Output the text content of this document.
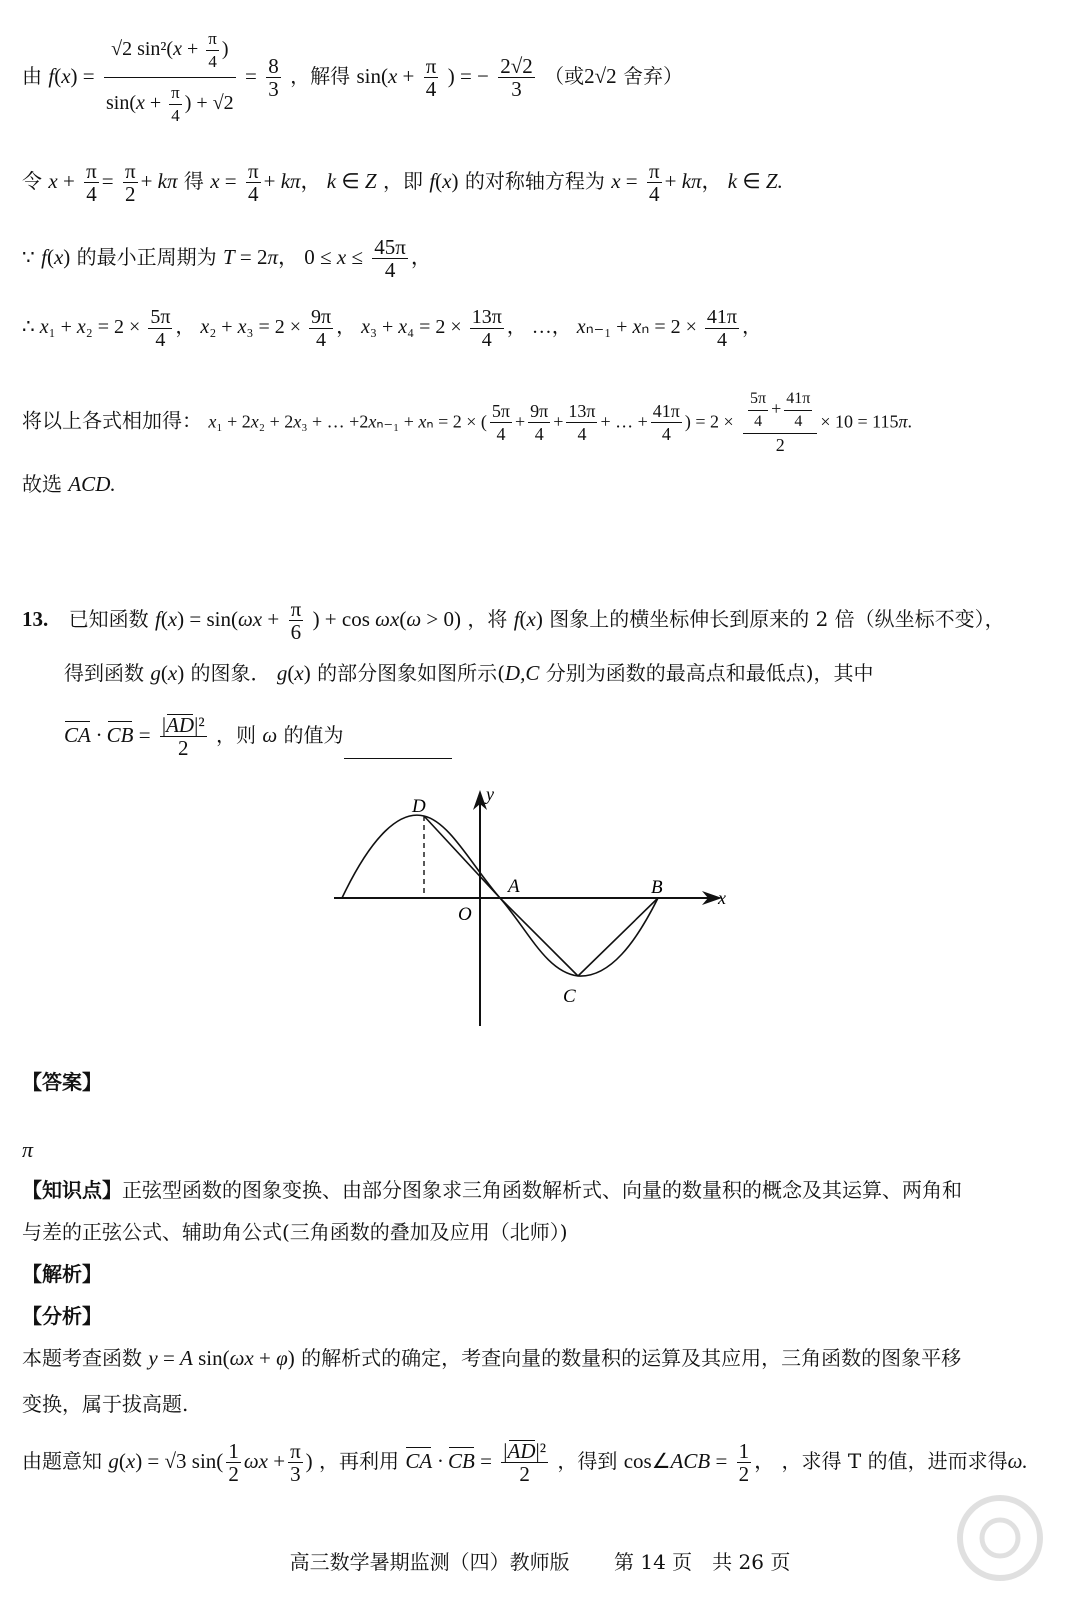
由 $f(x) = \frac{√2 \sin^2(x + \frac{\pi}{4} )}{\sin(x + \frac{\pi}{4} ) + √2} = \frac{8}{3}$ ，解得 $\sin(x + \frac{\pi}{4}$ ) = − $\frac{2√2}{3}$ （或2√2 舍弃）
令 $x + \frac{\pi}{4} = \frac{\pi}{2} + k\pi$ 得 $x = \frac{\pi}{4} + k\pi$， k ∈ Z ，即 f(x) 的对称轴方程为 $x = \frac{\pi}{4} + k\pi$， k ∈ Z.
∵ f(x) 的最小正周期为 T = 2π， $0 \le x \le \frac{45\pi}{4}$ ，
∴ $x_1 + x_2 = 2 \times \frac{5\pi}{4}$ ， $x_2 + x_3 = 2 \times \frac{9\pi}{4}$ ， $x_3 + x_4 = 2 \times \frac{13\pi}{4}$ ， …， $x_{n-1} + x_n = 2 \times \frac{41\pi}{4}$ ，
将以上各式相加得： x₁ + 2x₂ + 2x₃ + … +2xₙ₋₁ + xₙ = 2 × ( $\frac{5\pi}{4} + \frac{9\pi}{4} + \frac{13\pi}{4}$ + … + $\frac{41\pi}{4}$ ) = $2 \times \frac{\frac{5\pi}{4} + \frac{41\pi}{4}}{2} \times 10 = 115\pi$.
故选 ACD.
13. 已知函数 $f(x) = \sin(\omega x + \frac{\pi}{6}$ ) + cos ωx(ω > 0) ，将 f(x) 图象上的横坐标伸长到原来的 2 倍（纵坐标不变），
得到函数 g(x) 的图象． g(x) 的部分图象如图所示(D,C 分别为函数的最高点和最低点)，其中
CA · CB = $\frac{\text{|AD|²}}{2}$ ，则 ω 的值为
D
y
A
O
B	x
C
【答案】
π
【知识点】正弦型函数的图象变换、由部分图象求三角函数解析式、向量的数量积的概念及其运算、两角和
与差的正弦公式、辅助角公式(三角函数的叠加及应用（北师）)
【解析】
【分析】
本题考查函数 y = A sin(ωx + φ) 的解析式的确定，考查向量的数量积的运算及其应用，三角函数的图象平移
变换，属于拔高题.
由题意知 g(x) = √3 $\sin( \frac{1}{2}$ $\omega x + \frac{\pi}{3}$ ) ，再利用 CA · CB = $\frac{\text{|AD|²}}{2}$ ，得到 cos∠ACB = $\frac{1}{2}$ ， ，求得 T 的值，进而求得ω.
高三数学暑期监测（四）教师版 第 14 页　共 26 页
